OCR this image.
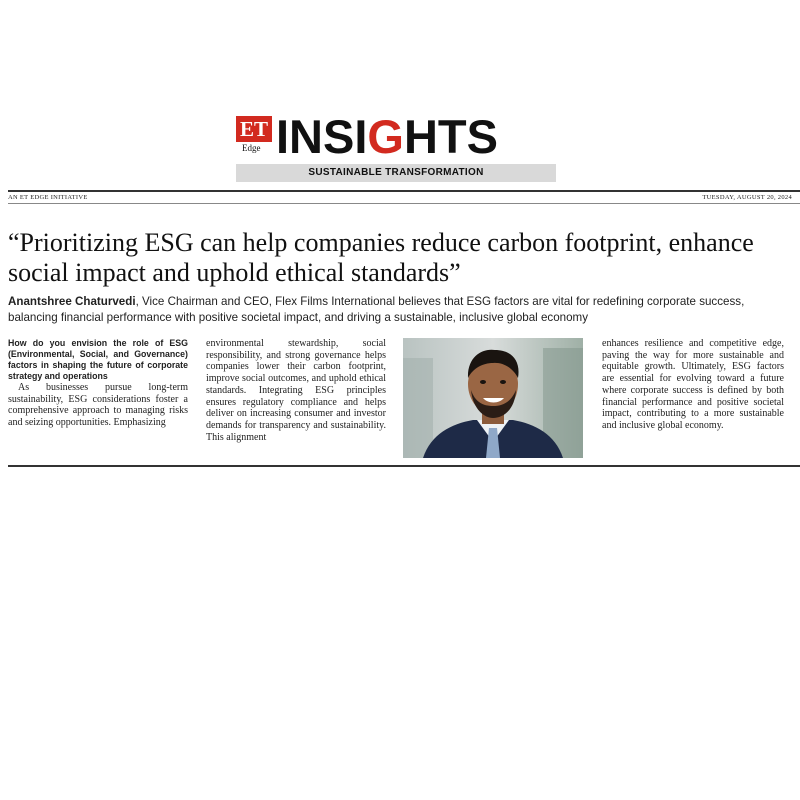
ET
Edge INSIGHTS
SUSTAINABLE TRANSFORMATION
AN ET EDGE INITIATIVE	TUESDAY, AUGUST 20, 2024
“Prioritizing ESG can help companies reduce carbon footprint, enhance social impact and uphold ethical standards”

Anantshree Chaturvedi, Vice Chairman and CEO, Flex Films International believes that ESG factors are vital for redefining corporate success, balancing financial performance with positive societal impact, and driving a sustainable, inclusive global economy

How do you envision the role of ESG (Environmental, Social, and Governance) factors in shaping the future of corporate strategy and operations
As businesses pursue long-term sustainability, ESG considerations foster a comprehensive approach to managing risks and seizing opportunities. Emphasizing
environmental stewardship, social responsibility, and strong governance helps companies lower their carbon footprint, improve social outcomes, and uphold ethical standards. Integrating ESG principles ensures regulatory compliance and helps deliver on increasing consumer and investor demands for transparency and sustainability. This alignment
enhances resilience and competitive edge, paving the way for more sustainable and equitable growth. Ultimately, ESG factors are essential for evolving toward a future where corporate success is defined by both financial performance and positive societal impact, contributing to a more sustainable and inclusive global economy.
